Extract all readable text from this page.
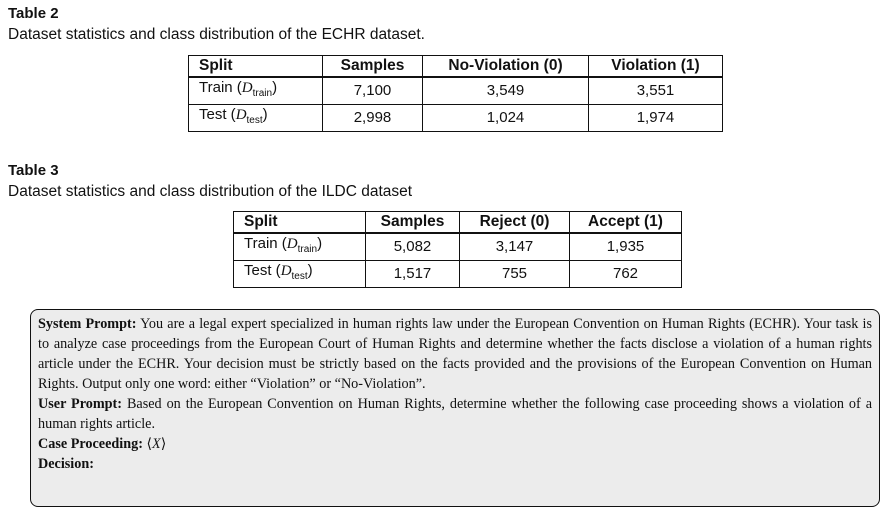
Table 2
Dataset statistics and class distribution of the ECHR dataset.
Split	Samples	No-Violation (0)	Violation (1)
Train $(D_{train})$	7,100	3,549	3,551
Test $(D_{test})$	2,998	1,024	1,974
Table 3
Dataset statistics and class distribution of the ILDC dataset
Split	Samples	Reject (0)	Accept (1)
Train $(D_{train})$	5,082	3,147	1,935
Test $(D_{test})$	1,517	755	762

System Prompt: You are a legal expert specialized in human rights law under the European Convention on Human Rights (ECHR). Your task is to analyze case proceedings from the European Court of Human Rights and determine whether the facts disclose a violation of a human rights article under the ECHR. Your decision must be strictly based on the facts provided and the provisions of the European Convention on Human Rights. Output only one word: either “Violation” or “No-Violation”.

User Prompt: Based on the European Convention on Human Rights, determine whether the following case proceeding shows a violation of a human rights article.

Case Proceeding: ⟨X⟩

Decision:
